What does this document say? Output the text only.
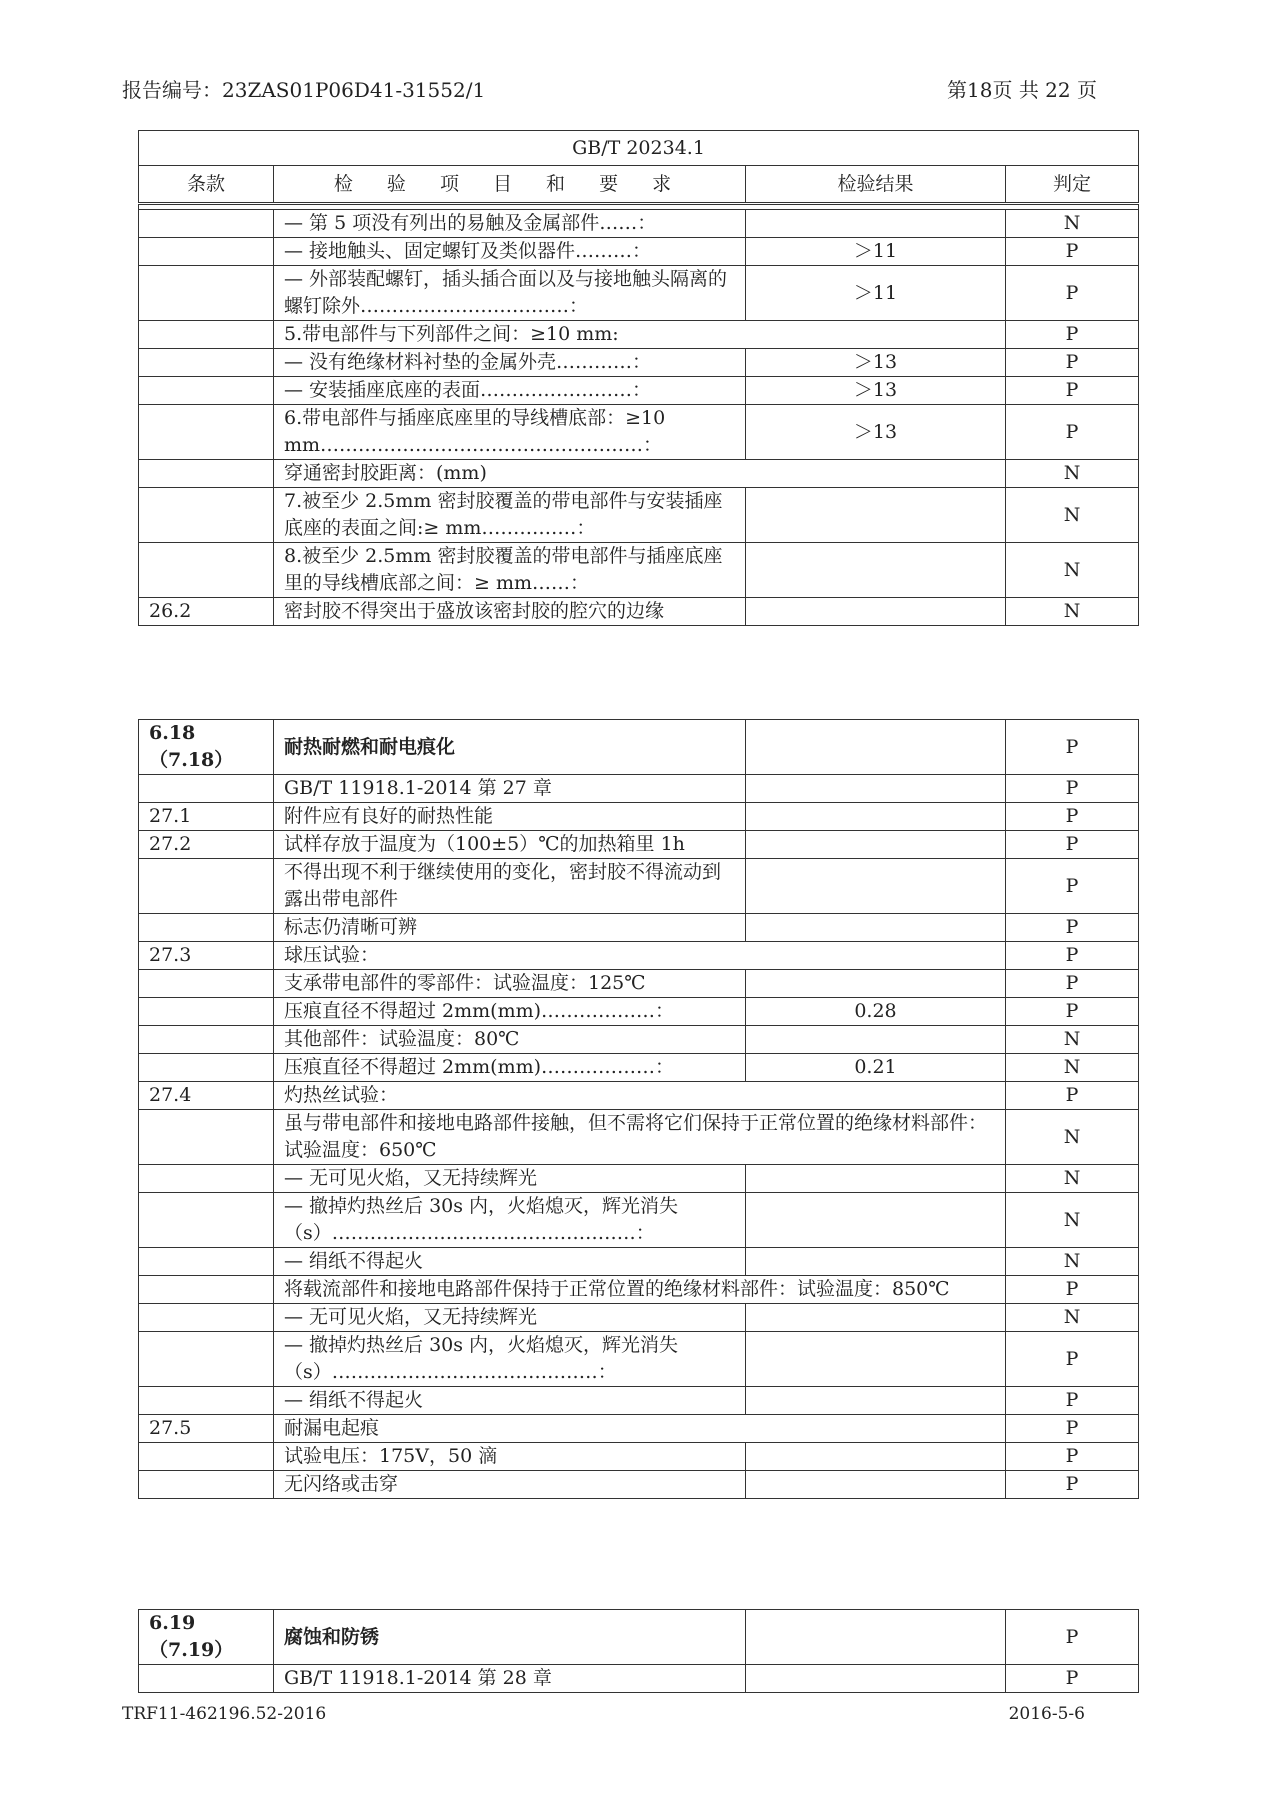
报告编号：23ZAS01P06D41-31552/1	第18页 共 22 页
GB/T 20234.1			
条款	检 验 项 目 和 要 求	检验结果	判定

	— 第 5 项没有列出的易触及金属部件……：		N
	— 接地触头、固定螺钉及类似器件………：	＞11	P
	— 外部装配螺钉，插头插合面以及与接地触头隔离的螺钉除外……………………………：	＞11	P
	5.带电部件与下列部件之间：≥10 mm:		P
	— 没有绝缘材料衬垫的金属外壳…………：	＞13	P
	— 安装插座底座的表面……………………：	＞13	P
	6.带电部件与插座底座里的导线槽底部：≥10 mm……………………………………………：	＞13	P
	穿通密封胶距离：(mm)		N
	7.被至少 2.5mm 密封胶覆盖的带电部件与安装插座底座的表面之间:≥ mm……………：		N
	8.被至少 2.5mm 密封胶覆盖的带电部件与插座底座里的导线槽底部之间：≥ mm……：		N
26.2	密封胶不得突出于盛放该密封胶的腔穴的边缘		N
6.18（7.18）	耐热耐燃和耐电痕化		P
	GB/T 11918.1-2014 第 27 章		P
27.1	附件应有良好的耐热性能		P
27.2	试样存放于温度为（100±5）℃的加热箱里 1h		P
	不得出现不利于继续使用的变化，密封胶不得流动到露出带电部件		P
	标志仍清晰可辨		P
27.3	球压试验：		P
	支承带电部件的零部件：试验温度：125℃		P
	压痕直径不得超过 2mm(mm)………………：	0.28	P
	其他部件：试验温度：80℃		N
	压痕直径不得超过 2mm(mm)………………：	0.21	N
27.4	灼热丝试验：		P
	虽与带电部件和接地电路部件接触，但不需将它们保持于正常位置的绝缘材料部件：试验温度：650℃		N
	— 无可见火焰，又无持续辉光		N
	— 撤掉灼热丝后 30s 内，火焰熄灭，辉光消失（s）…………………………………………：		N
	— 绢纸不得起火		N
	将载流部件和接地电路部件保持于正常位置的绝缘材料部件：试验温度：850℃		P
	— 无可见火焰，又无持续辉光		N
	— 撤掉灼热丝后 30s 内，火焰熄灭，辉光消失（s）……………………………………：		P
	— 绢纸不得起火		P
27.5	耐漏电起痕		P
	试验电压：175V，50 滴		P
	无闪络或击穿		P
6.19（7.19）	腐蚀和防锈		P
	GB/T 11918.1-2014 第 28 章		P
TRF11-462196.52-2016	2016-5-6
